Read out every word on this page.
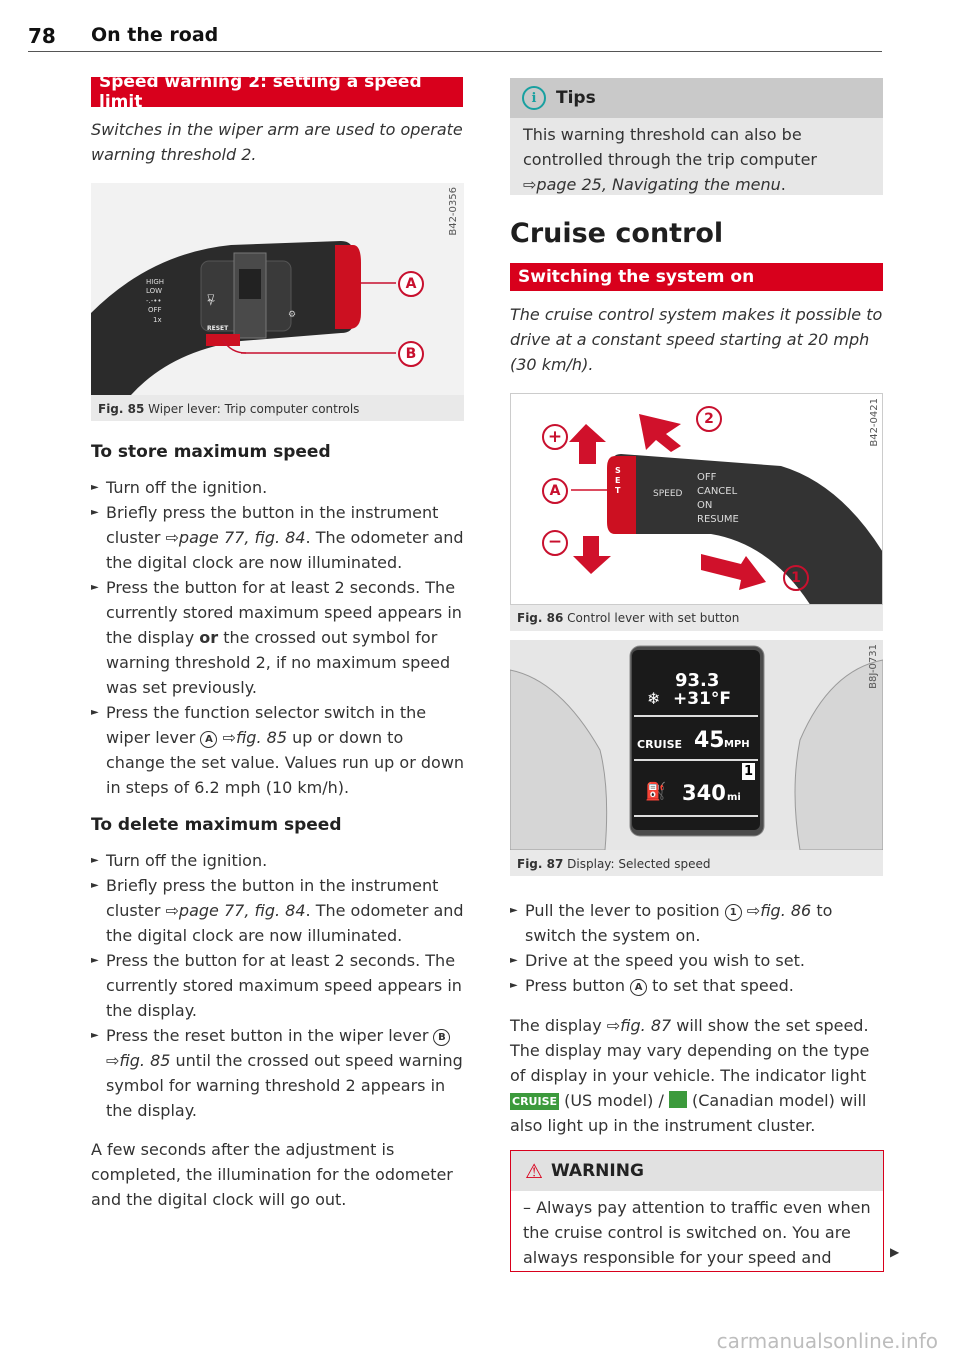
78 On the road
Speed warning 2: setting a speed limit
Switches in the wiper arm are used to operate warning threshold 2.
⚙
⍫
HIGH
LOW
-.-••
OFF
1x
RESET
A
B
B42-0356
Fig. 85 Wiper lever: Trip computer controls
To store maximum speed
► Turn off the ignition.
► Briefly press the button in the instrument cluster ⇨page 77, fig. 84. The odometer and the digital clock are now illuminated.
► Press the button for at least 2 seconds. The currently stored maximum speed appears in the display or the crossed out symbol for warning threshold 2, if no maximum speed was set previously.
► Press the function selector switch in the wiper lever A ⇨fig. 85 up or down to change the set value. Values run up or down in steps of 6.2 mph (10 km/h).
To delete maximum speed
► Turn off the ignition.
► Briefly press the button in the instrument cluster ⇨page 77, fig. 84. The odometer and the digital clock are now illuminated.
► Press the button for at least 2 seconds. The currently stored maximum speed appears in the display.
► Press the reset button in the wiper lever B ⇨fig. 85 until the crossed out speed warning symbol for warning threshold 2 appears in the display.
A few seconds after the adjustment is completed, the illumination for the odometer and the digital clock will go out.
i	Tips
This warning threshold can also be controlled through the trip computer ⇨page 25, Navigating the menu.
Cruise control
Switching the system on
The cruise control system makes it possible to drive at a constant speed starting at 20 mph (30 km/h).
+
A
−
2
1
SET	SPEED
OFF
CANCEL
ON
RESUME
B42-0421
Fig. 86 Control lever with set button
93.3
❄ +31°F
CRUISE 45 MPH
1
⛽ 340 mi
B8J-0731
Fig. 87 Display: Selected speed
► Pull the lever to position 1 ⇨fig. 86 to switch the system on.
► Drive at the speed you wish to set.
► Press button A to set that speed.
The display ⇨fig. 87 will show the set speed. The display may vary depending on the type of display in your vehicle. The indicator light CRUISE (US model) /  (Canadian model) will also light up in the instrument cluster.
⚠ WARNING
– Always pay attention to traffic even when the cruise control is switched on. You are always responsible for your speed and	▶
carmanualsonline.info
